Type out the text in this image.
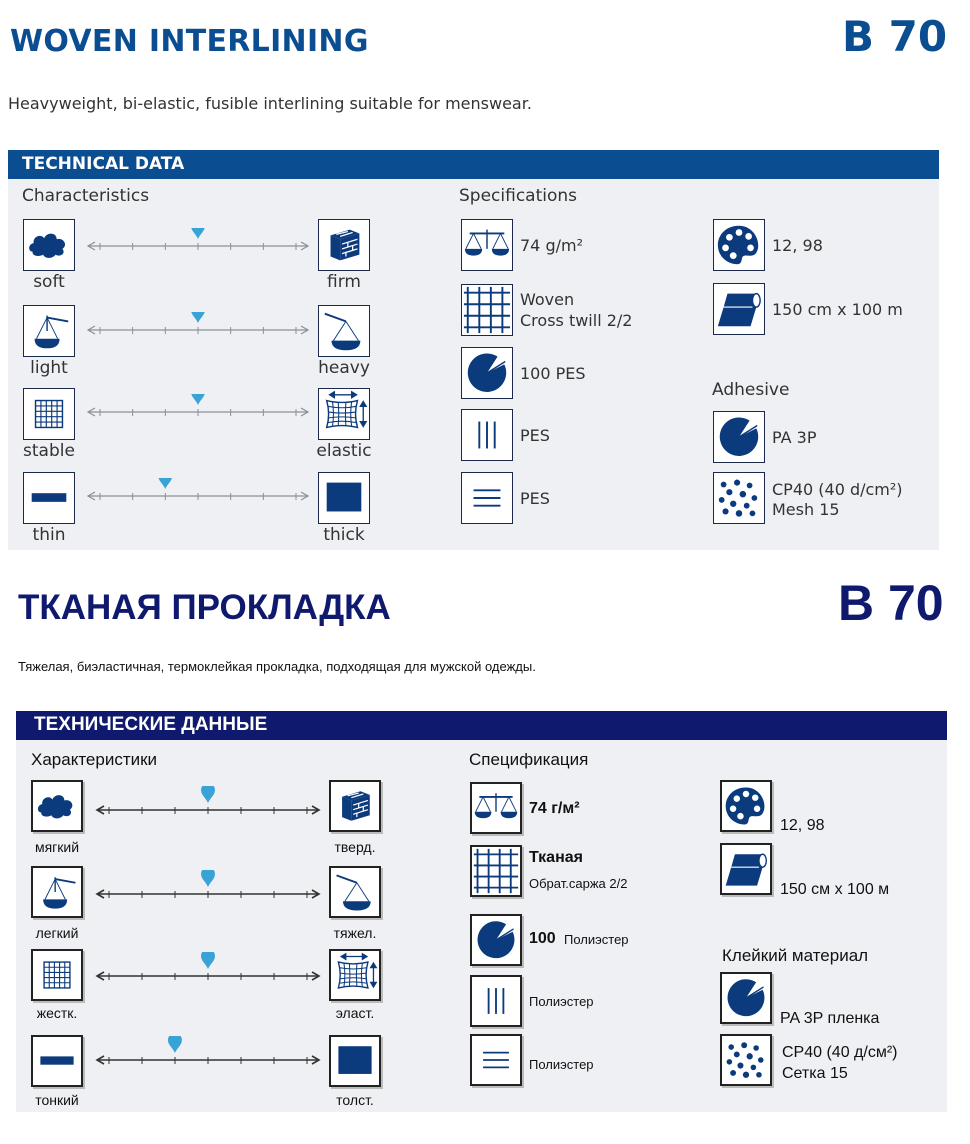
WOVEN INTERLINING	B 70
Heavyweight, bi-elastic, fusible interlining suitable for menswear.
TECHNICAL DATA
Characteristics	Specifications
Adhesive
soft	firm
light	heavy
stable	elastic
thin	thick
74 g/m²
Woven
Cross twill 2/2
100 PES
PES
PES
12, 98
150 cm x 100 m
PA 3P
CP40 (40 d/cm²)
Mesh 15
ТКАНАЯ ПРОКЛАДКА	B 70
Тяжелая, биэластичная, термоклейкая прокладка, подходящая для мужской одежды.
ТЕХНИЧЕСКИЕ ДАННЫЕ
Характеристики	Спецификация
Клейкий материал
мягкий	тверд.
легкий	тяжел.
жестк.	эласт.
тонкий	толст.
74 г/м²
Тканая
Обрат.саржа 2/2
100 Полиэстер
Полиэстер
Полиэстер
12, 98
150 см x 100 м
PA 3P пленка
CP40 (40 д/см²)
Сетка 15
